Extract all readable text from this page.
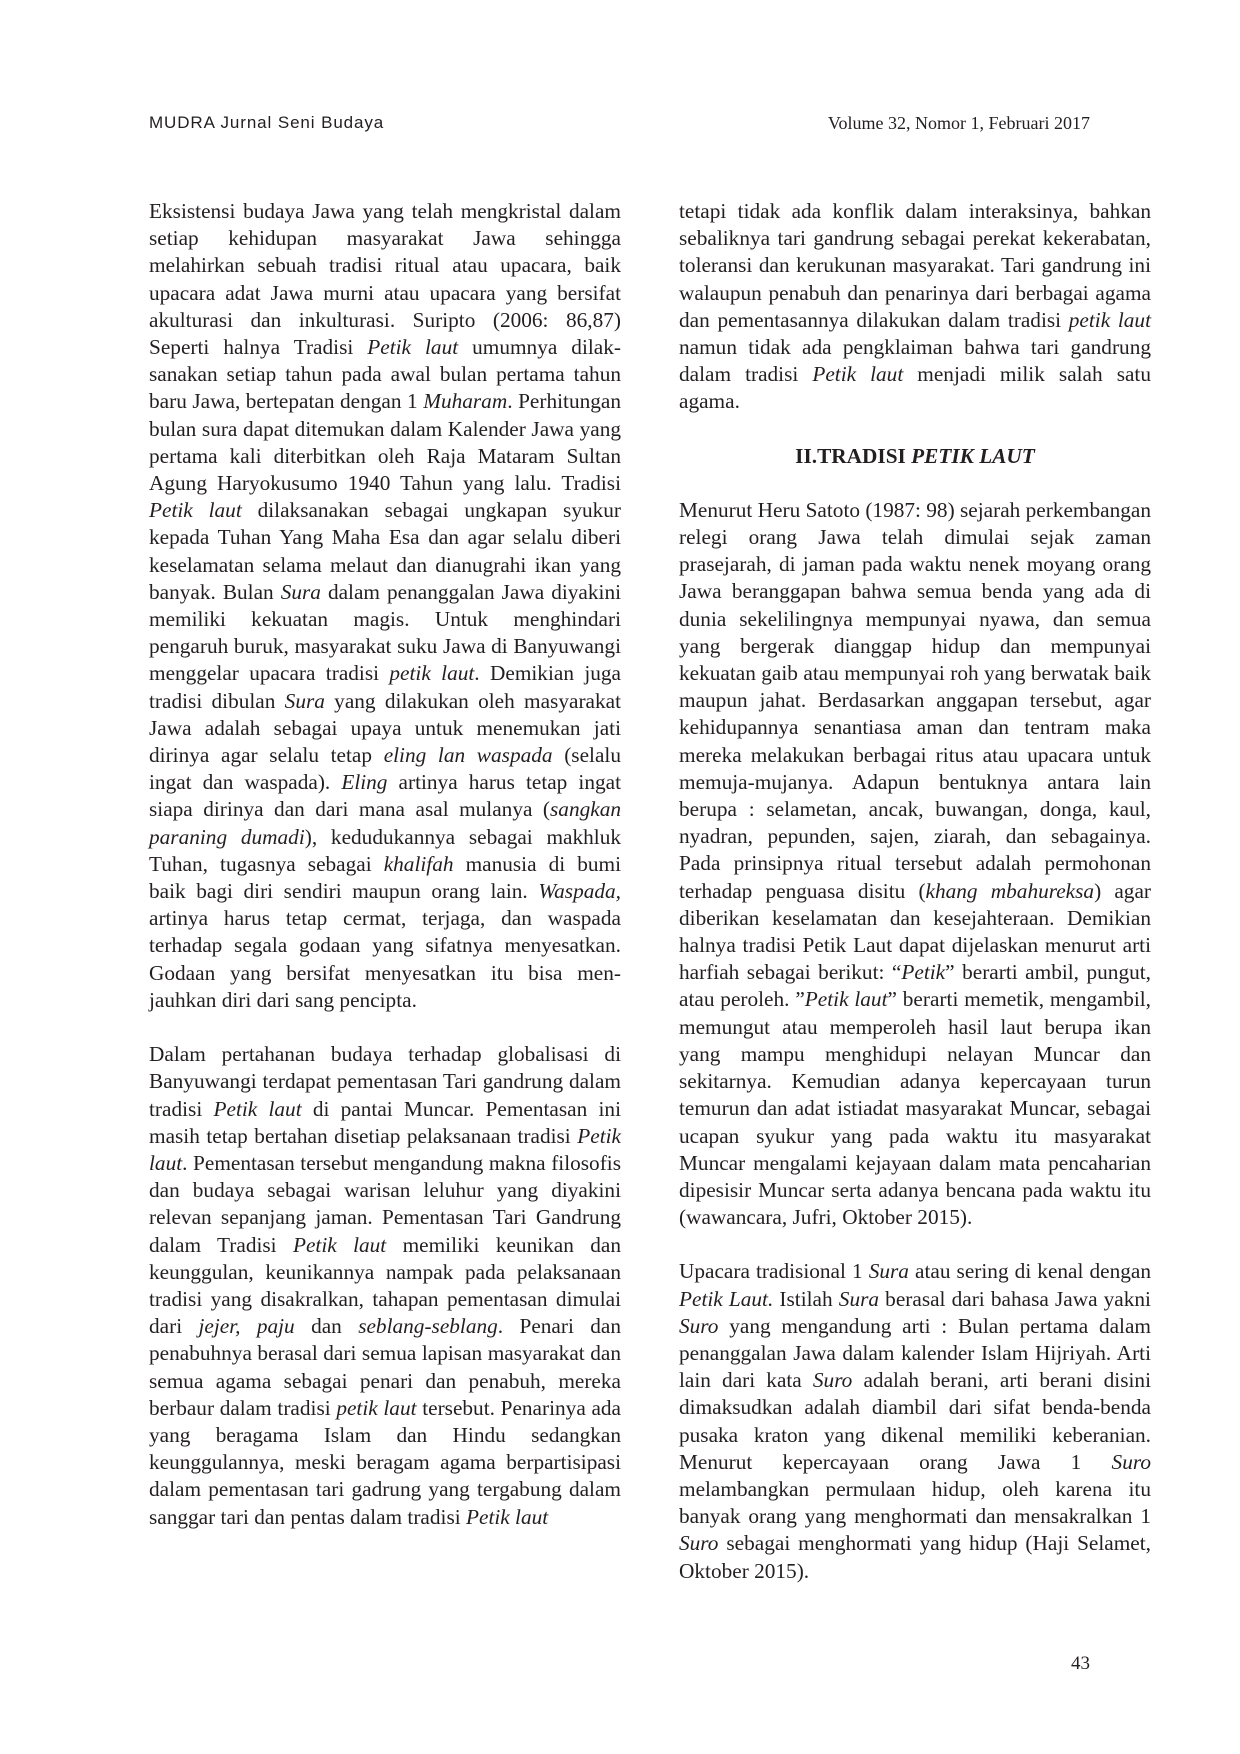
MUDRA Jurnal Seni Budaya	Volume 32, Nomor 1, Februari 2017

Eksistensi budaya Jawa yang telah mengkristal dalam setiap kehidupan masyarakat Jawa sehingga melahirkan sebuah tradisi ritual atau upacara, baik upacara adat Jawa murni atau upacara yang bersifat akulturasi dan inkulturasi. Suripto (2006: 86,87) Seperti halnya Tradisi Petik laut umumnya dilaksanakan setiap tahun pada awal bulan pertama tahun baru Jawa, bertepatan dengan 1 Muharam. Perhitungan bulan sura dapat ditemukan dalam Kalender Jawa yang pertama kali diterbitkan oleh Raja Mataram Sultan Agung Haryokusumo 1940 Tahun yang lalu. Tradisi Petik laut dilaksanakan sebagai ungkapan syukur kepada Tuhan Yang Maha Esa dan agar selalu diberi keselamatan selama melaut dan dianugrahi ikan yang banyak. Bulan Sura dalam penanggalan Jawa diyakini memiliki kekuatan magis. Untuk menghindari pengaruh buruk, masyarakat suku Jawa di Banyuwangi menggelar upacara tradisi petik laut. Demikian juga tradisi dibulan Sura yang dilakukan oleh masyarakat Jawa adalah sebagai upaya untuk menemukan jati dirinya agar selalu tetap eling lan waspada (selalu ingat dan waspada). Eling artinya harus tetap ingat siapa dirinya dan dari mana asal mulanya (sangkan paraning dumadi), kedudukannya sebagai makhluk Tuhan, tugasnya sebagai khalifah manusia di bumi baik bagi diri sendiri maupun orang lain. Waspada, artinya harus tetap cermat, terjaga, dan waspada terhadap segala godaan yang sifatnya menyesatkan. Godaan yang bersifat menyesatkan itu bisa menjauhkan diri dari sang pencipta.

Dalam pertahanan budaya terhadap globalisasi di Banyuwangi terdapat pementasan Tari gandrung dalam tradisi Petik laut di pantai Muncar. Pementasan ini masih tetap bertahan disetiap pelaksanaan tradisi Petik laut. Pementasan tersebut mengandung makna filosofis dan budaya sebagai warisan leluhur yang diyakini relevan sepanjang jaman. Pementasan Tari Gandrung dalam Tradisi Petik laut memiliki keunikan dan keunggulan, keunikannya nampak pada pelaksanaan tradisi yang disakralkan, tahapan pementasan dimulai dari jejer, paju dan seblang-seblang. Penari dan penabuhnya berasal dari semua lapisan masyarakat dan semua agama sebagai penari dan penabuh, mereka berbaur dalam tradisi petik laut tersebut. Penarinya ada yang beragama Islam dan Hindu sedangkan keunggulannya, meski beragam agama berpartisipasi dalam pementasan tari gadrung yang tergabung dalam sanggar tari dan pentas dalam tradisi Petik laut

tetapi tidak ada konflik dalam interaksinya, bahkan sebaliknya tari gandrung sebagai perekat kekerabatan, toleransi dan kerukunan masyarakat. Tari gandrung ini walaupun penabuh dan penarinya dari berbagai agama dan pementasannya dilakukan dalam tradisi petik laut namun tidak ada pengklaiman bahwa tari gandrung dalam tradisi Petik laut menjadi milik salah satu agama.

II.TRADISI PETIK LAUT

Menurut Heru Satoto (1987: 98) sejarah perkembangan relegi orang Jawa telah dimulai sejak zaman prasejarah, di jaman pada waktu nenek moyang orang Jawa beranggapan bahwa semua benda yang ada di dunia sekelilingnya mempunyai nyawa, dan semua yang bergerak dianggap hidup dan mempunyai kekuatan gaib atau mempunyai roh yang berwatak baik maupun jahat. Berdasarkan anggapan tersebut, agar kehidupannya senantiasa aman dan tentram maka mereka melakukan berbagai ritus atau upacara untuk memuja-mujanya. Adapun bentuknya antara lain berupa : selametan, ancak, buwangan, donga, kaul, nyadran, pepunden, sajen, ziarah, dan sebagainya. Pada prinsipnya ritual tersebut adalah permohonan terhadap penguasa disitu (khang mbahureksa) agar diberikan keselamatan dan kesejahteraan. Demikian halnya tradisi Petik Laut dapat dijelaskan menurut arti harfiah sebagai berikut: “Petik” berarti ambil, pungut, atau peroleh. ”Petik laut” berarti memetik, mengambil, memungut atau memperoleh hasil laut berupa ikan yang mampu menghidupi nelayan Muncar dan sekitarnya. Kemudian adanya kepercayaan turun temurun dan adat istiadat masyarakat Muncar, sebagai ucapan syukur yang pada waktu itu masyarakat Muncar mengalami kejayaan dalam mata pencaharian dipesisir Muncar serta adanya bencana pada waktu itu (wawancara, Jufri, Oktober 2015).

Upacara tradisional 1 Sura atau sering di kenal dengan Petik Laut. Istilah Sura berasal dari bahasa Jawa yakni Suro yang mengandung arti : Bulan pertama dalam penanggalan Jawa dalam kalender Islam Hijriyah. Arti lain dari kata Suro adalah berani, arti berani disini dimaksudkan adalah diambil dari sifat benda-benda pusaka kraton yang dikenal memiliki keberanian. Menurut kepercayaan orang Jawa 1 Suro melambangkan permulaan hidup, oleh karena itu banyak orang yang menghormati dan mensakralkan 1 Suro sebagai menghormati yang hidup (Haji Selamet, Oktober 2015).

43
